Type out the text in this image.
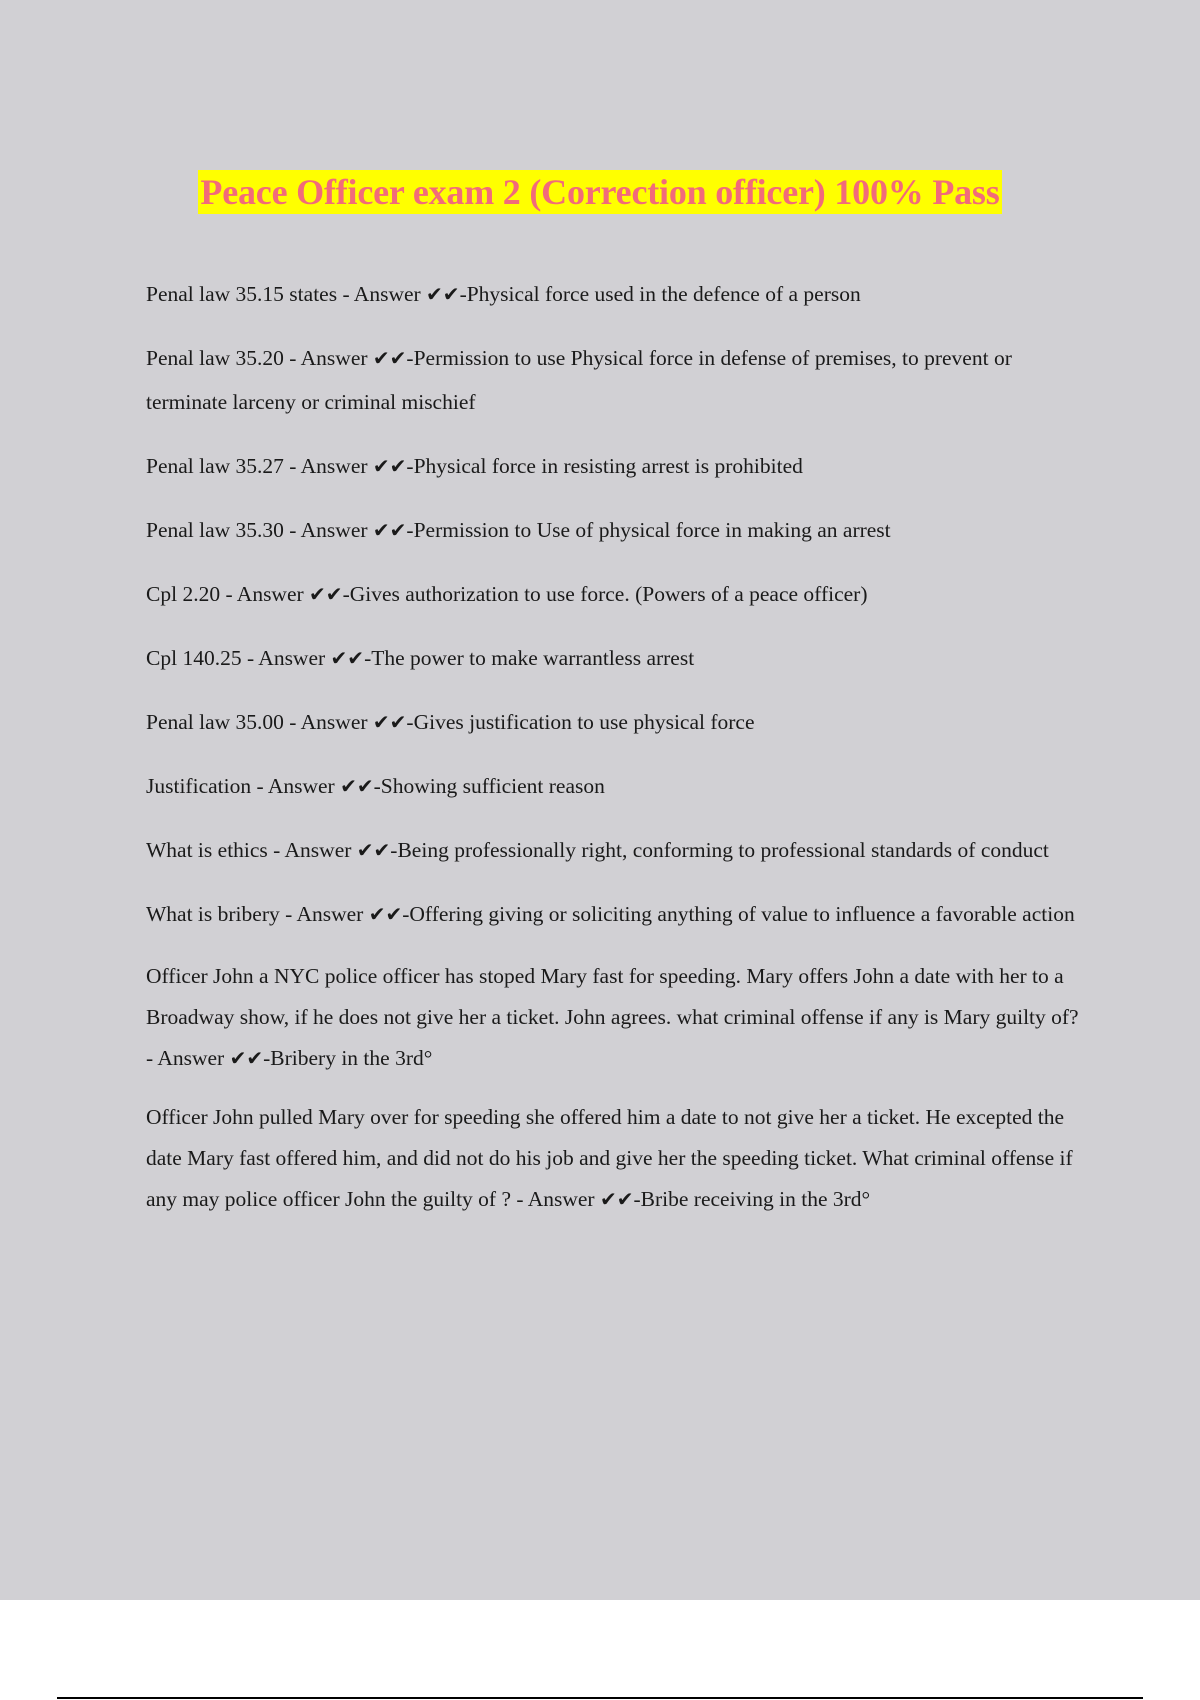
Peace Officer exam 2 (Correction officer) 100% Pass

Penal law 35.15 states - Answer ✔✔-Physical force used in the defence of a person

Penal law 35.20 - Answer ✔✔-Permission to use Physical force in defense of premises, to prevent or terminate larceny or criminal mischief

Penal law 35.27 - Answer ✔✔-Physical force in resisting arrest is prohibited

Penal law 35.30 - Answer ✔✔-Permission to Use of physical force in making an arrest

Cpl 2.20 - Answer ✔✔-Gives authorization to use force. (Powers of a peace officer)

Cpl 140.25 - Answer ✔✔-The power to make warrantless arrest

Penal law 35.00 - Answer ✔✔-Gives justification to use physical force

Justification - Answer ✔✔-Showing sufficient reason

What is ethics - Answer ✔✔-Being professionally right, conforming to professional standards of conduct

What is bribery - Answer ✔✔-Offering giving or soliciting anything of value to influence a favorable action

Officer John a NYC police officer has stoped Mary fast for speeding. Mary offers John a date with her to a Broadway show, if he does not give her a ticket. John agrees. what criminal offense if any is Mary guilty of? - Answer ✔✔-Bribery in the 3rd°

Officer John pulled Mary over for speeding she offered him a date to not give her a ticket. He excepted the date Mary fast offered him, and did not do his job and give her the speeding ticket. What criminal offense if any may police officer John the guilty of ? - Answer ✔✔-Bribe receiving in the 3rd°
